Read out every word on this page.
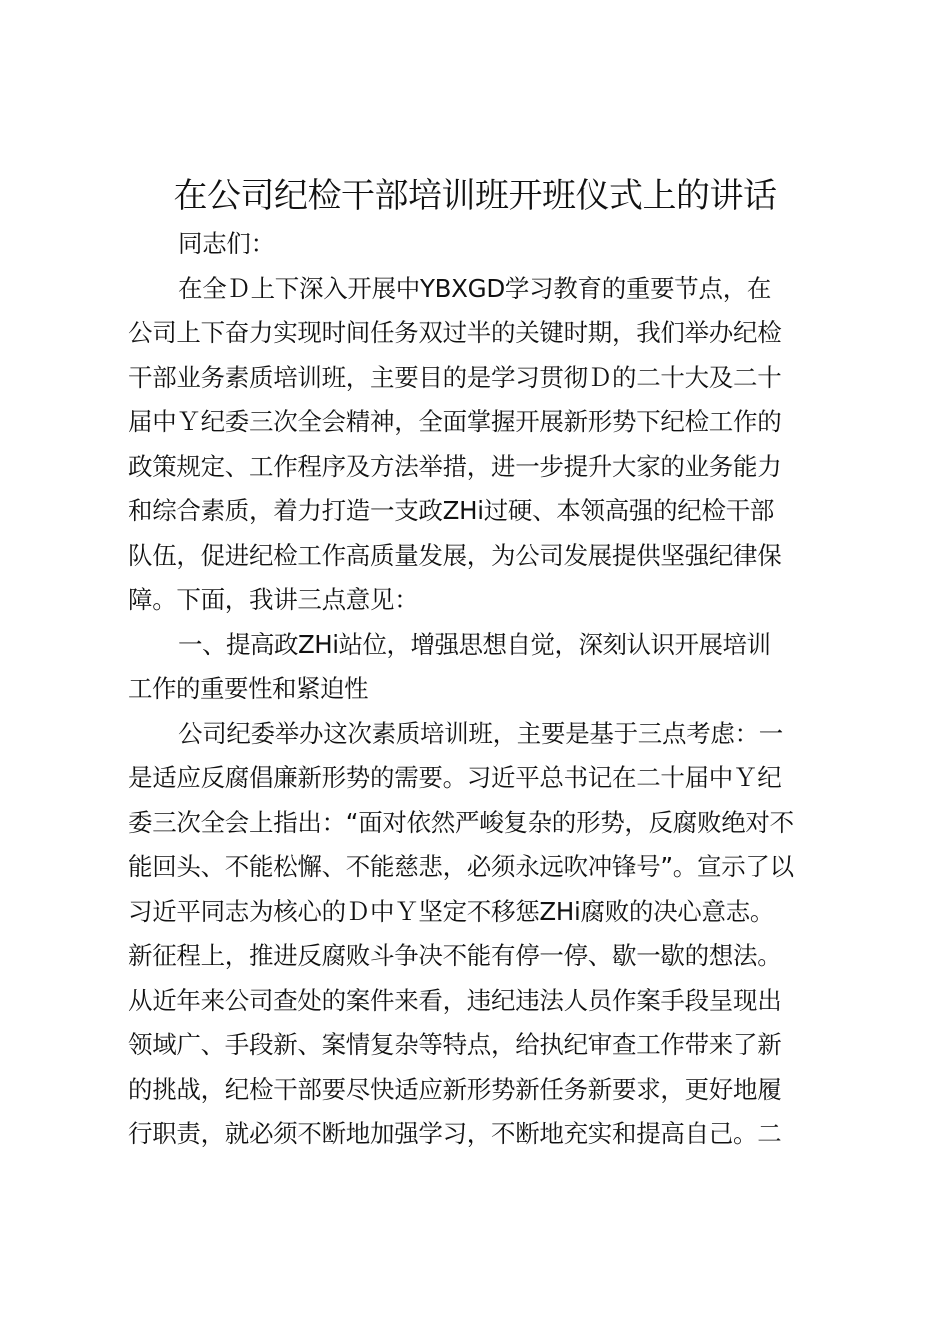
在公司纪检干部培训班开班仪式上的讲话
同志们：
在全Ｄ上下深入开展中YBXGD学习教育的重要节点，在
公司上下奋力实现时间任务双过半的关键时期，我们举办纪检
干部业务素质培训班，主要目的是学习贯彻Ｄ的二十大及二十
届中Ｙ纪委三次全会精神，全面掌握开展新形势下纪检工作的
政策规定、工作程序及方法举措，进一步提升大家的业务能力
和综合素质，着力打造一支政ZHi过硬、本领高强的纪检干部
队伍，促进纪检工作高质量发展，为公司发展提供坚强纪律保
障。下面，我讲三点意见：
一、提高政ZHi站位，增强思想自觉，深刻认识开展培训
工作的重要性和紧迫性
公司纪委举办这次素质培训班，主要是基于三点考虑：一
是适应反腐倡廉新形势的需要。习近平总书记在二十届中Ｙ纪
委三次全会上指出：“面对依然严峻复杂的形势，反腐败绝对不
能回头、不能松懈、不能慈悲，必须永远吹冲锋号”。宣示了以
习近平同志为核心的Ｄ中Ｙ坚定不移惩ZHi腐败的决心意志。
新征程上，推进反腐败斗争决不能有停一停、歇一歇的想法。
从近年来公司查处的案件来看，违纪违法人员作案手段呈现出
领域广、手段新、案情复杂等特点，给执纪审查工作带来了新
的挑战，纪检干部要尽快适应新形势新任务新要求，更好地履
行职责，就必须不断地加强学习，不断地充实和提高自己。二
